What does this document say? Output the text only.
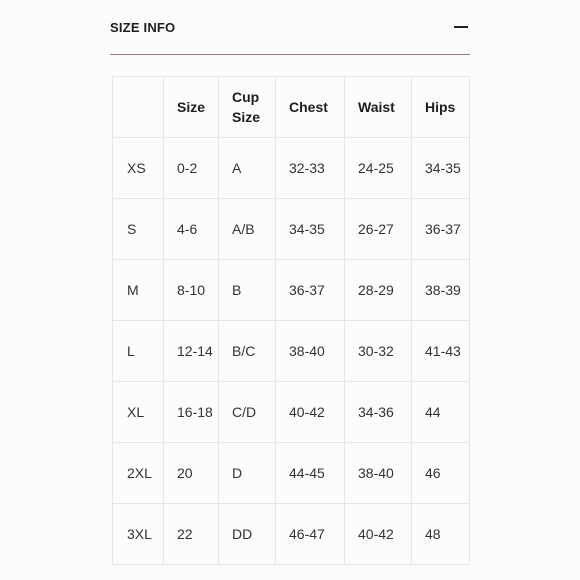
SIZE INFO
	Size	Cup Size	Chest	Waist	Hips
XS	0-2	A	32-33	24-25	34-35
S	4-6	A/B	34-35	26-27	36-37
M	8-10	B	36-37	28-29	38-39
L	12-14	B/C	38-40	30-32	41-43
XL	16-18	C/D	40-42	34-36	44
2XL	20	D	44-45	38-40	46
3XL	22	DD	46-47	40-42	48
